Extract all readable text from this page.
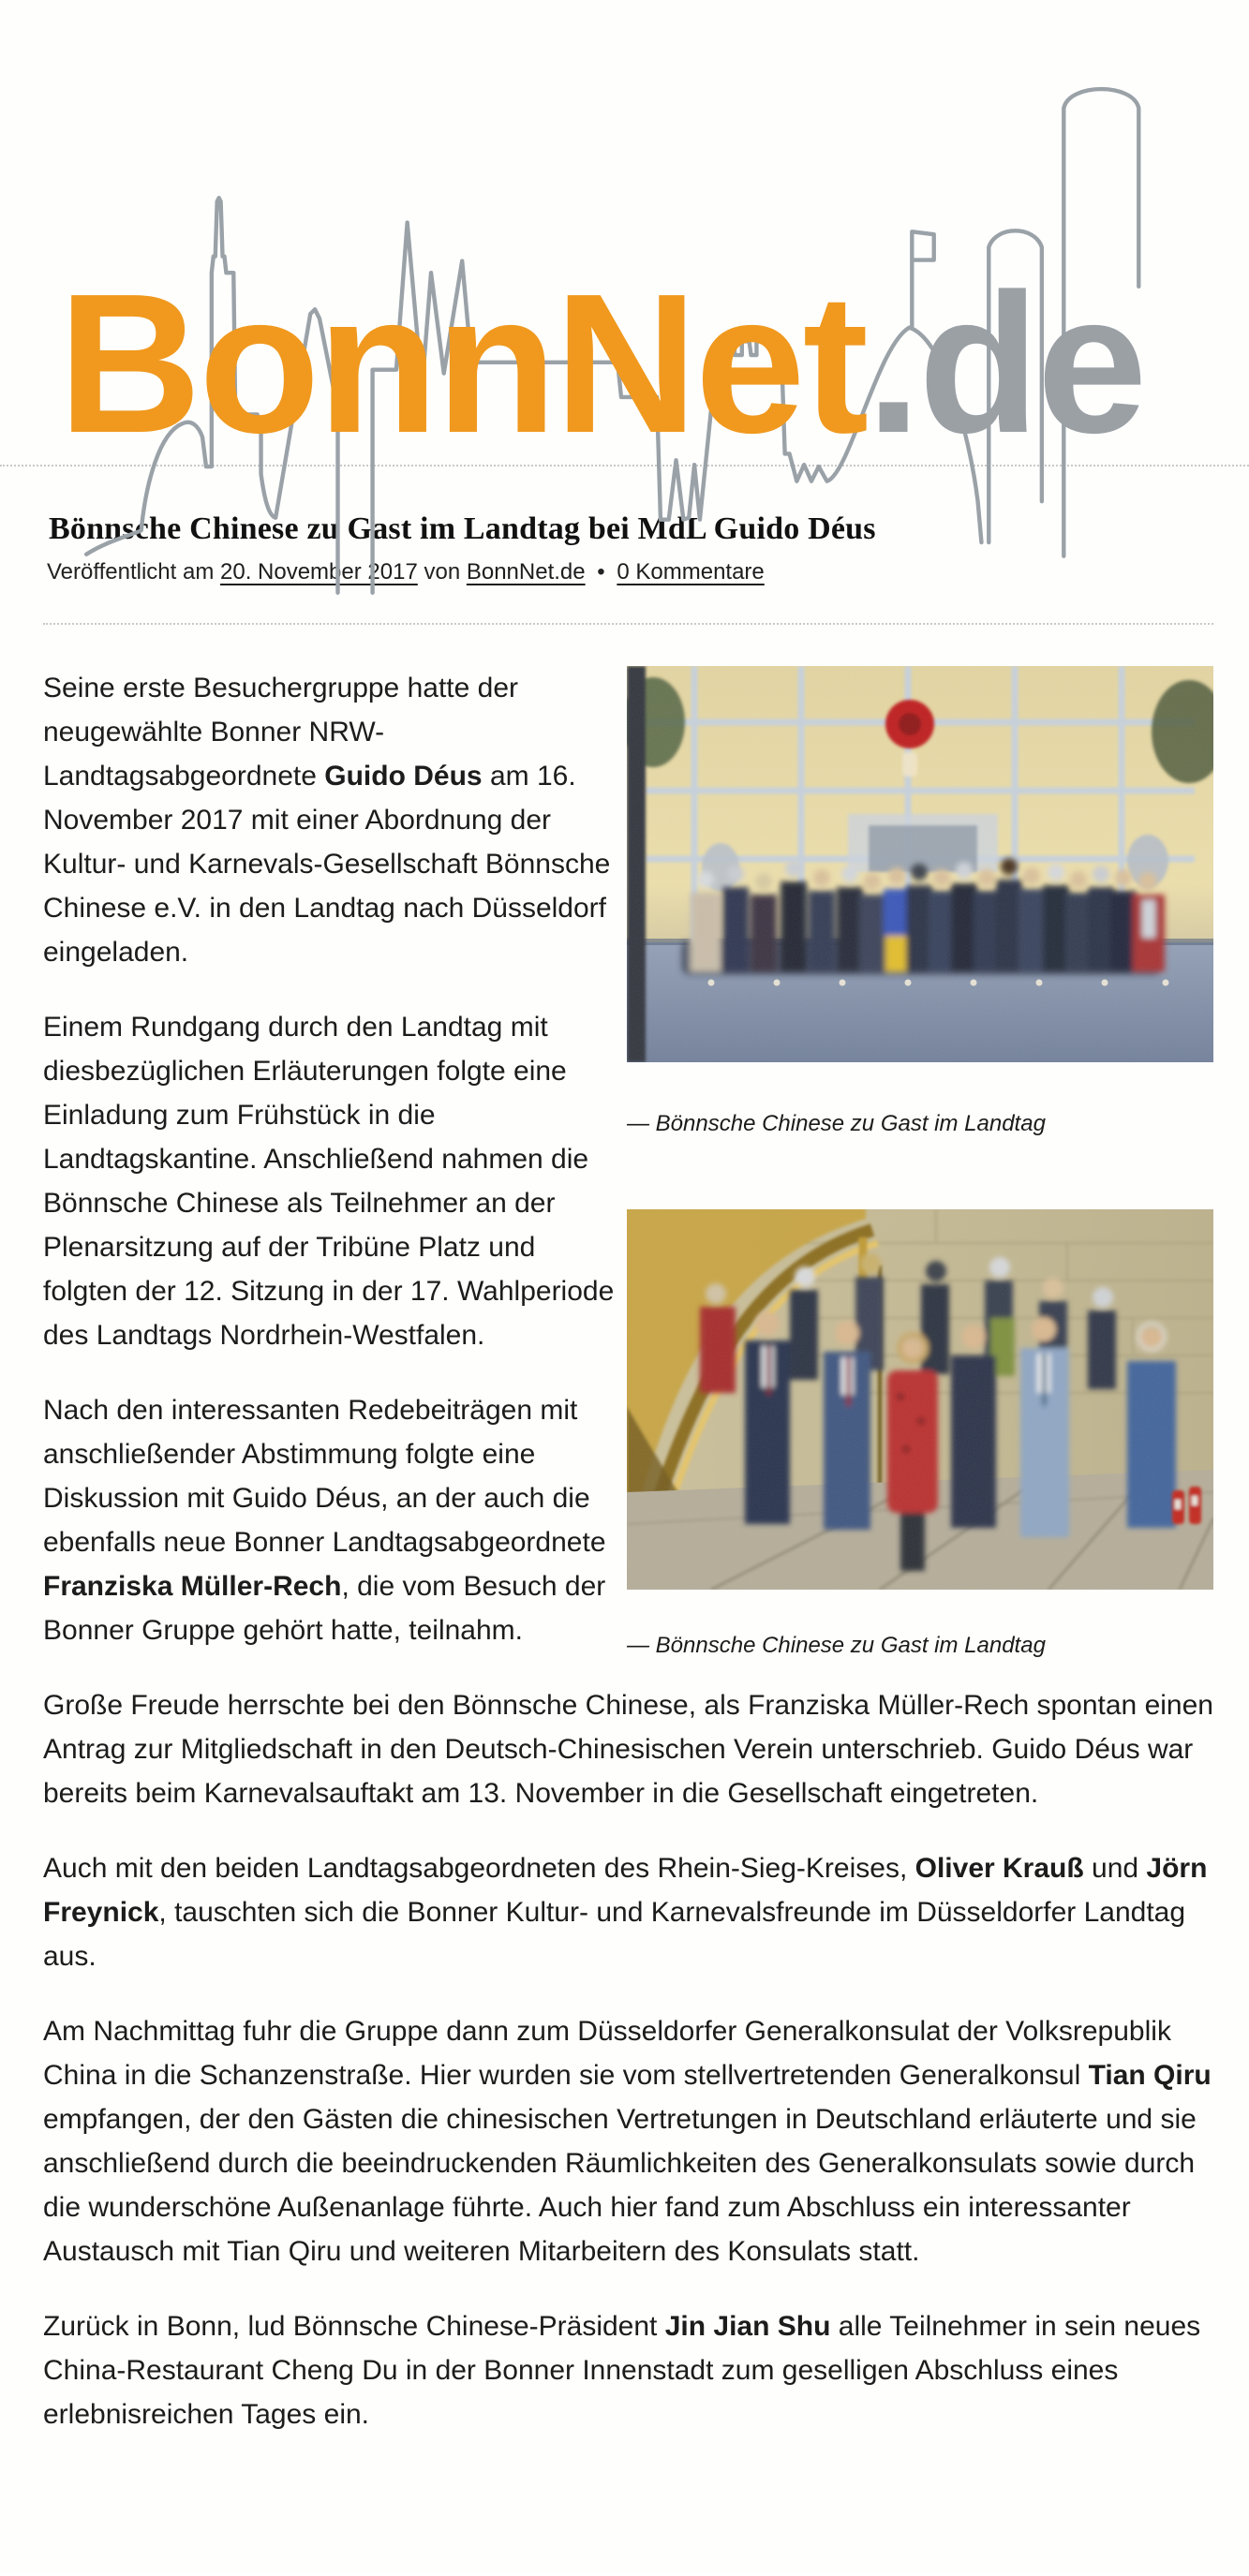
BonnNet.de
Bönnsche Chinese zu Gast im Landtag bei MdL Guido Déus
Veröffentlicht am 20. November 2017 von BonnNet.de • 0 Kommentare
— Bönnsche Chinese zu Gast im Landtag
— Bönnsche Chinese zu Gast im Landtag

Seine erste Besuchergruppe hatte der neugewählte Bonner NRW-Landtagsabgeordnete Guido Déus am 16. November 2017 mit einer Abordnung der Kultur- und Karnevals-Gesellschaft Bönnsche Chinese e.V. in den Landtag nach Düsseldorf eingeladen.

Einem Rundgang durch den Landtag mit diesbezüglichen Erläuterungen folgte eine Einladung zum Frühstück in die Landtagskantine. Anschließend nahmen die Bönnsche Chinese als Teilnehmer an der Plenarsitzung auf der Tribüne Platz und folgten der 12. Sitzung in der 17. Wahlperiode des Landtags Nordrhein-Westfalen.

Nach den interessanten Redebeiträgen mit anschließender Abstimmung folgte eine Diskussion mit Guido Déus, an der auch die ebenfalls neue Bonner Landtagsabgeordnete Franziska Müller-Rech, die vom Besuch der Bonner Gruppe gehört hatte, teilnahm.

Große Freude herrschte bei den Bönnsche Chinese, als Franziska Müller-Rech spontan einen Antrag zur Mitgliedschaft in den Deutsch-Chinesischen Verein unterschrieb. Guido Déus war bereits beim Karnevalsauftakt am 13. November in die Gesellschaft eingetreten.

Auch mit den beiden Landtagsabgeordneten des Rhein-Sieg-Kreises, Oliver Krauß und Jörn Freynick, tauschten sich die Bonner Kultur- und Karnevalsfreunde im Düsseldorfer Landtag aus.

Am Nachmittag fuhr die Gruppe dann zum Düsseldorfer Generalkonsulat der Volksrepublik China in die Schanzenstraße. Hier wurden sie vom stellvertretenden Generalkonsul Tian Qiru empfangen, der den Gästen die chinesischen Vertretungen in Deutschland erläuterte und sie anschließend durch die beeindruckenden Räumlichkeiten des Generalkonsulats sowie durch die wunderschöne Außenanlage führte. Auch hier fand zum Abschluss ein interessanter Austausch mit Tian Qiru und weiteren Mitarbeitern des Konsulats statt.

Zurück in Bonn, lud Bönnsche Chinese-Präsident Jin Jian Shu alle Teilnehmer in sein neues China-Restaurant Cheng Du in der Bonner Innenstadt zum geselligen Abschluss eines erlebnisreichen Tages ein.
